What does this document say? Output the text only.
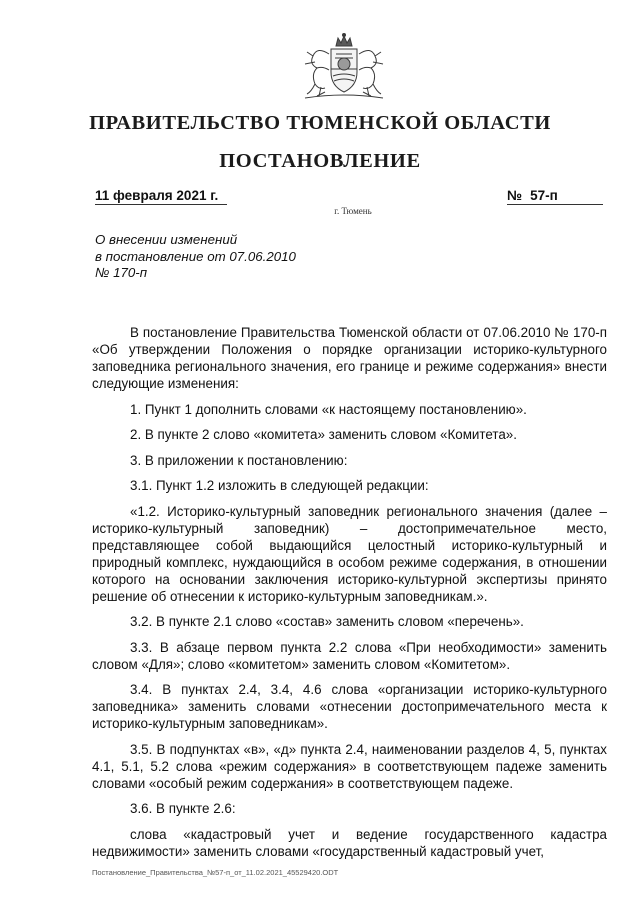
ПРАВИТЕЛЬСТВО ТЮМЕНСКОЙ ОБЛАСТИ
ПОСТАНОВЛЕНИЕ
11 февраля 2021 г.	№ 57-п
г. Тюмень
О внесении изменений
в постановление от 07.06.2010
№ 170-п

В постановление Правительства Тюменской области от 07.06.2010 № 170-п «Об утверждении Положения о порядке организации историко-культурного заповедника регионального значения, его границе и режиме содержания» внести следующие изменения:

1. Пункт 1 дополнить словами «к настоящему постановлению».

2. В пункте 2 слово «комитета» заменить словом «Комитета».

3. В приложении к постановлению:

3.1. Пункт 1.2 изложить в следующей редакции:

«1.2. Историко-культурный заповедник регионального значения (далее – историко-культурный заповедник) – достопримечательное место, представляющее собой выдающийся целостный историко-культурный и природный комплекс, нуждающийся в особом режиме содержания, в отношении которого на основании заключения историко-культурной экспертизы принято решение об отнесении к историко-культурным заповедникам.».

3.2. В пункте 2.1 слово «состав» заменить словом «перечень».

3.3. В абзаце первом пункта 2.2 слова «При необходимости» заменить словом «Для»; слово «комитетом» заменить словом «Комитетом».

3.4. В пунктах 2.4, 3.4, 4.6 слова «организации историко-культурного заповедника» заменить словами «отнесении достопримечательного места к историко-культурным заповедникам».

3.5. В подпунктах «в», «д» пункта 2.4, наименовании разделов 4, 5, пунктах 4.1, 5.1, 5.2 слова «режим содержания» в соответствующем падеже заменить словами «особый режим содержания» в соответствующем падеже.

3.6. В пункте 2.6:

слова «кадастровый учет и ведение государственного кадастра недвижимости» заменить словами «государственный кадастровый учет,

Постановление_Правительства_№57-п_от_11.02.2021_45529420.ODT
